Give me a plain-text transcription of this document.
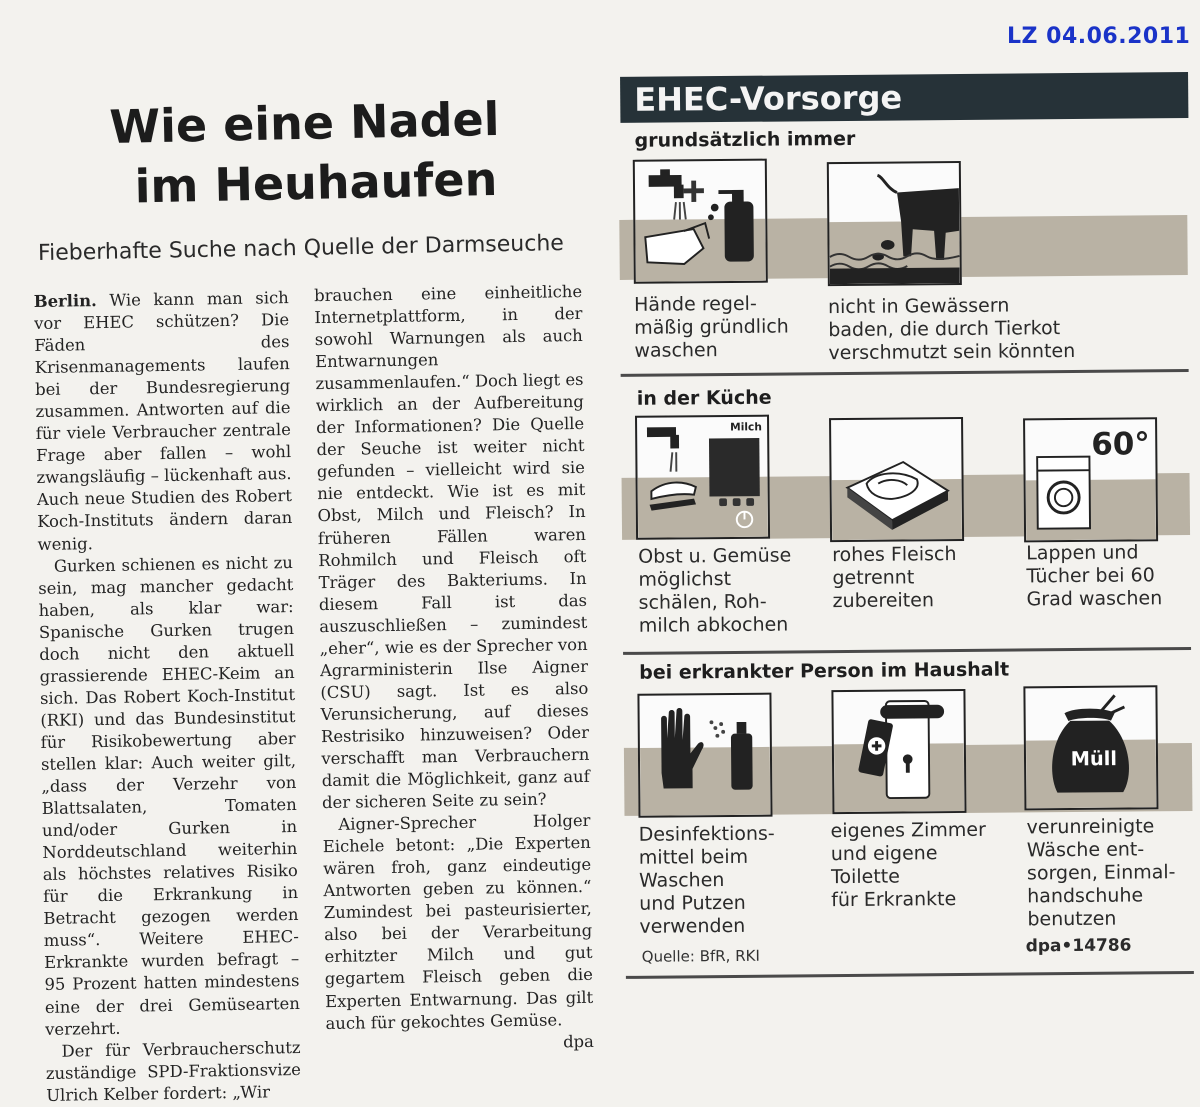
LZ 04.06.2011
Wie eine Nadel
im Heuhaufen
Fieberhafte Suche nach Quelle der Darmseuche

Berlin. Wie kann man sich vor EHEC schützen? Die Fäden des Krisenmanagements laufen bei der Bundesregierung zusammen. Antworten auf die für viele Verbraucher zentrale Frage aber fallen – wohl zwangsläufig – lückenhaft aus. Auch neue Studien des Robert Koch-Instituts ändern daran wenig.

Gurken schienen es nicht zu sein, mag mancher gedacht haben, als klar war: Spanische Gurken trugen doch nicht den aktuell grassierende EHEC-Keim an sich. Das Robert Koch-Institut (RKI) und das Bundesinstitut für Risikobewertung aber stellen klar: Auch weiter gilt, „dass der Verzehr von Blattsalaten, Tomaten und/oder Gurken in Norddeutschland weiterhin als höchstes relatives Risiko für die Erkrankung in Betracht gezogen werden muss“. Weitere EHEC-Erkrankte wurden befragt – 95 Prozent hatten mindestens eine der drei Gemüsearten verzehrt.

Der für Verbraucherschutz zuständige SPD-Fraktionsvize Ulrich Kelber fordert: „Wir

brauchen eine einheitliche Internetplattform, in der sowohl Warnungen als auch Entwarnungen zusammenlaufen.“ Doch liegt es wirklich an der Aufbereitung der Informationen? Die Quelle der Seuche ist weiter nicht gefunden – vielleicht wird sie nie entdeckt. Wie ist es mit Obst, Milch und Fleisch? In früheren Fällen waren Rohmilch und Fleisch oft Träger des Bakteriums. In diesem Fall ist das auszuschließen – zumindest „eher“, wie es der Sprecher von Agrarministerin Ilse Aigner (CSU) sagt. Ist es also Verunsicherung, auf dieses Restrisiko hinzuweisen? Oder verschafft man Verbrauchern damit die Möglichkeit, ganz auf der sicheren Seite zu sein?

Aigner-Sprecher Holger Eichele betont: „Die Experten wären froh, ganz eindeutige Antworten geben zu können.“ Zumindest bei pasteurisierter, also bei der Verarbeitung erhitzter Milch und gut gegartem Fleisch geben die Experten Entwarnung. Das gilt auch für gekochtes Gemüse.
dpa

EHEC-Vorsorge
grundsätzlich immer
Hände regel-
mäßig gründlich
waschen
nicht in Gewässern
baden, die durch Tierkot
verschmutzt sein könnten
in der Küche
Milch
Obst u. Gemüse
möglichst
schälen, Roh-
milch abkochen
rohes Fleisch
getrennt
zubereiten
60°
Lappen und
Tücher bei 60
Grad waschen
bei erkrankter Person im Haushalt
Desinfektions-
mittel beim
Waschen
und Putzen
verwenden
eigenes Zimmer
und eigene
Toilette
für Erkrankte
Müll
verunreinigte
Wäsche ent-
sorgen, Einmal-
handschuhe
benutzen
Quelle: BfR, RKI	dpa•14786
